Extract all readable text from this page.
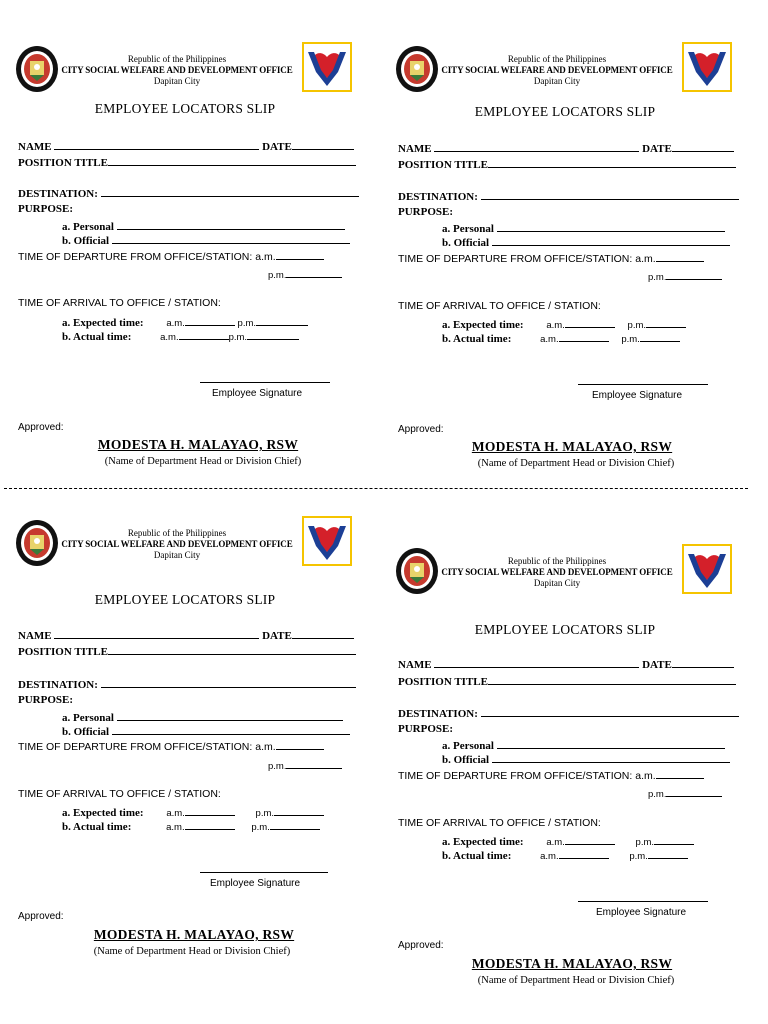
Republic of the Philippines
CITY SOCIAL WELFARE AND DEVELOPMENT OFFICE
Dapitan City
EMPLOYEE LOCATORS SLIP
NAME	DATE
POSITION TITLE
DESTINATION:
PURPOSE:
a. Personal
b. Official
TIME OF DEPARTURE FROM OFFICE/STATION: a.m.
p.m.
TIME OF ARRIVAL TO OFFICE / STATION:
a. Expected time: a.m.	p.m.
b. Actual time:	a.m.	p.m.
Employee Signature
Approved:
MODESTA H. MALAYAO, RSW
(Name of Department Head or Division Chief)
Republic of the Philippines
CITY SOCIAL WELFARE AND DEVELOPMENT OFFICE
Dapitan City
EMPLOYEE LOCATORS SLIP
NAME	DATE
POSITION TITLE
DESTINATION:
PURPOSE:
a. Personal
b. Official
TIME OF DEPARTURE FROM OFFICE/STATION: a.m.
p.m.
TIME OF ARRIVAL TO OFFICE / STATION:
a. Expected time: a.m.	p.m.
b. Actual time:	a.m.	p.m.
Employee Signature
Approved:
MODESTA H. MALAYAO, RSW
(Name of Department Head or Division Chief)
Republic of the Philippines
CITY SOCIAL WELFARE AND DEVELOPMENT OFFICE
Dapitan City
EMPLOYEE LOCATORS SLIP
NAME	DATE
POSITION TITLE
DESTINATION:
PURPOSE:
a. Personal
b. Official
TIME OF DEPARTURE FROM OFFICE/STATION: a.m.
p.m.
TIME OF ARRIVAL TO OFFICE / STATION:
a. Expected time: a.m.	p.m.
b. Actual time:	a.m.	p.m.
Employee Signature
Approved:
MODESTA H. MALAYAO, RSW
(Name of Department Head or Division Chief)
Republic of the Philippines
CITY SOCIAL WELFARE AND DEVELOPMENT OFFICE
Dapitan City
EMPLOYEE LOCATORS SLIP
NAME	DATE
POSITION TITLE
DESTINATION:
PURPOSE:
a. Personal
b. Official
TIME OF DEPARTURE FROM OFFICE/STATION: a.m.
p.m.
TIME OF ARRIVAL TO OFFICE / STATION:
a. Expected time: a.m.	p.m.
b. Actual time:	a.m.	p.m.
Employee Signature
Approved:
MODESTA H. MALAYAO, RSW
(Name of Department Head or Division Chief)
